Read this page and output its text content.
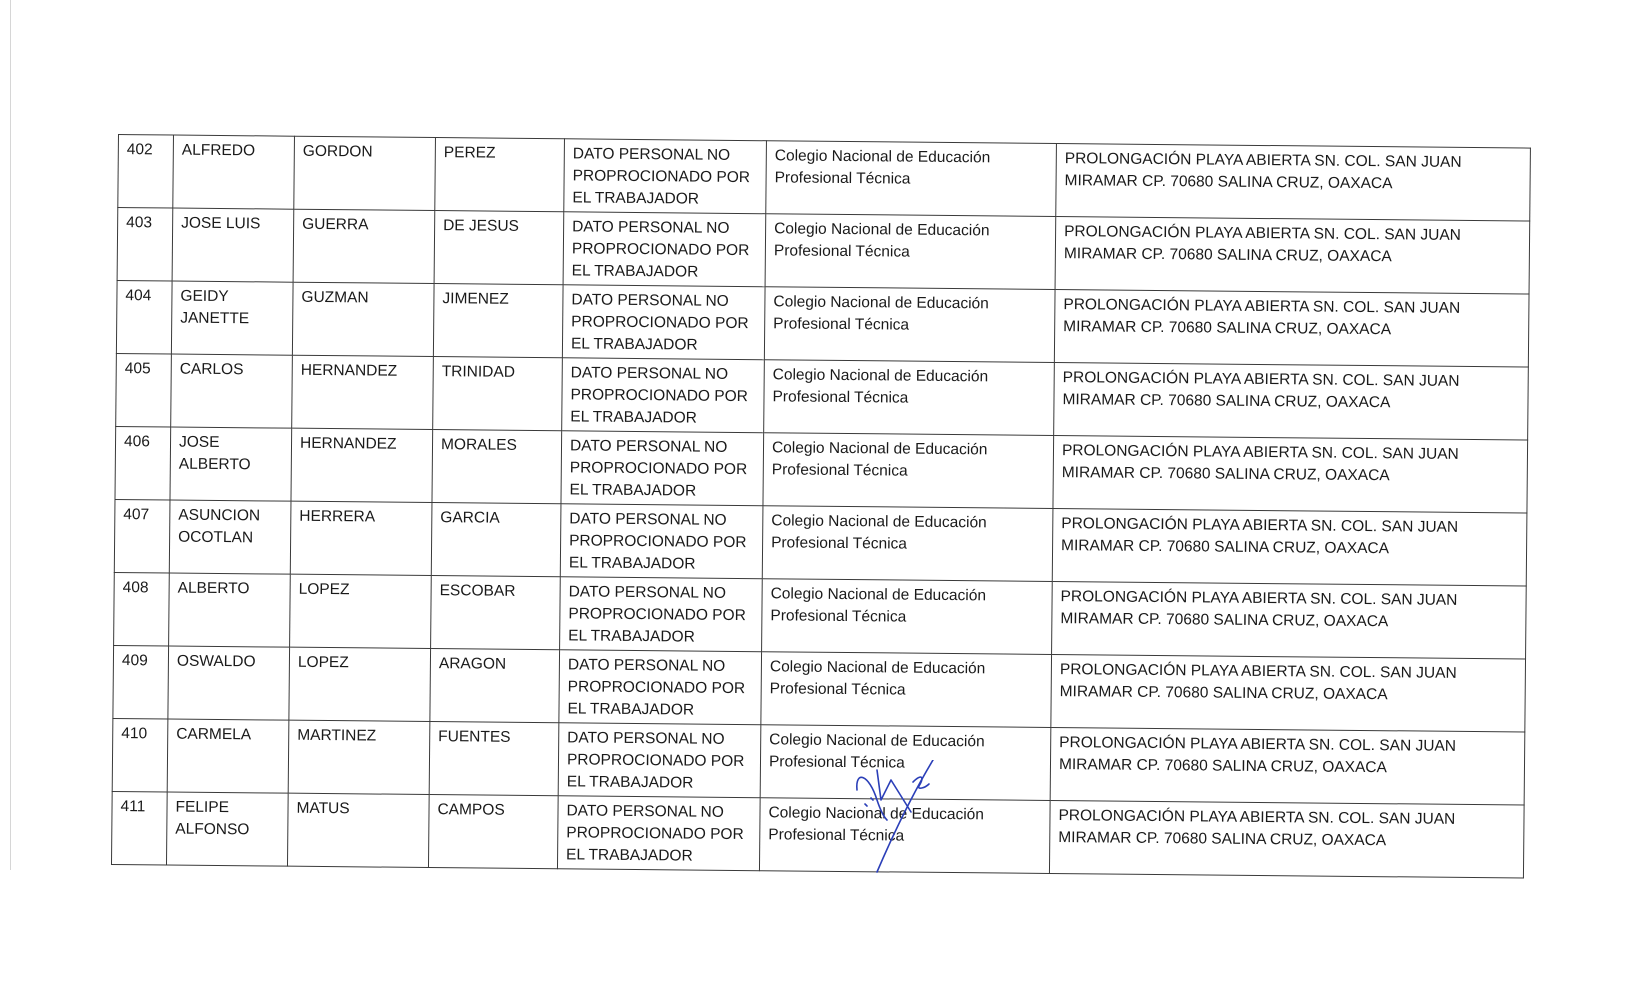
402	ALFREDO	GORDON	PEREZ	DATO PERSONAL NO PROPROCIONADO POR EL TRABAJADOR	Colegio Nacional de Educación Profesional Técnica	PROLONGACIÓN PLAYA ABIERTA SN. COL. SAN JUAN MIRAMAR CP. 70680 SALINA CRUZ, OAXACA
403	JOSE LUIS	GUERRA	DE JESUS	DATO PERSONAL NO PROPROCIONADO POR EL TRABAJADOR	Colegio Nacional de Educación Profesional Técnica	PROLONGACIÓN PLAYA ABIERTA SN. COL. SAN JUAN MIRAMAR CP. 70680 SALINA CRUZ, OAXACA
404	GEIDY JANETTE	GUZMAN	JIMENEZ	DATO PERSONAL NO PROPROCIONADO POR EL TRABAJADOR	Colegio Nacional de Educación Profesional Técnica	PROLONGACIÓN PLAYA ABIERTA SN. COL. SAN JUAN MIRAMAR CP. 70680 SALINA CRUZ, OAXACA
405	CARLOS	HERNANDEZ	TRINIDAD	DATO PERSONAL NO PROPROCIONADO POR EL TRABAJADOR	Colegio Nacional de Educación Profesional Técnica	PROLONGACIÓN PLAYA ABIERTA SN. COL. SAN JUAN MIRAMAR CP. 70680 SALINA CRUZ, OAXACA
406	JOSE ALBERTO	HERNANDEZ	MORALES	DATO PERSONAL NO PROPROCIONADO POR EL TRABAJADOR	Colegio Nacional de Educación Profesional Técnica	PROLONGACIÓN PLAYA ABIERTA SN. COL. SAN JUAN MIRAMAR CP. 70680 SALINA CRUZ, OAXACA
407	ASUNCION OCOTLAN	HERRERA	GARCIA	DATO PERSONAL NO PROPROCIONADO POR EL TRABAJADOR	Colegio Nacional de Educación Profesional Técnica	PROLONGACIÓN PLAYA ABIERTA SN. COL. SAN JUAN MIRAMAR CP. 70680 SALINA CRUZ, OAXACA
408	ALBERTO	LOPEZ	ESCOBAR	DATO PERSONAL NO PROPROCIONADO POR EL TRABAJADOR	Colegio Nacional de Educación Profesional Técnica	PROLONGACIÓN PLAYA ABIERTA SN. COL. SAN JUAN MIRAMAR CP. 70680 SALINA CRUZ, OAXACA
409	OSWALDO	LOPEZ	ARAGON	DATO PERSONAL NO PROPROCIONADO POR EL TRABAJADOR	Colegio Nacional de Educación Profesional Técnica	PROLONGACIÓN PLAYA ABIERTA SN. COL. SAN JUAN MIRAMAR CP. 70680 SALINA CRUZ, OAXACA
410	CARMELA	MARTINEZ	FUENTES	DATO PERSONAL NO PROPROCIONADO POR EL TRABAJADOR	Colegio Nacional de Educación Profesional Técnica	PROLONGACIÓN PLAYA ABIERTA SN. COL. SAN JUAN MIRAMAR CP. 70680 SALINA CRUZ, OAXACA
411	FELIPE ALFONSO	MATUS	CAMPOS	DATO PERSONAL NO PROPROCIONADO POR EL TRABAJADOR	Colegio Nacional de Educación Profesional Técnica	PROLONGACIÓN PLAYA ABIERTA SN. COL. SAN JUAN MIRAMAR CP. 70680 SALINA CRUZ, OAXACA
